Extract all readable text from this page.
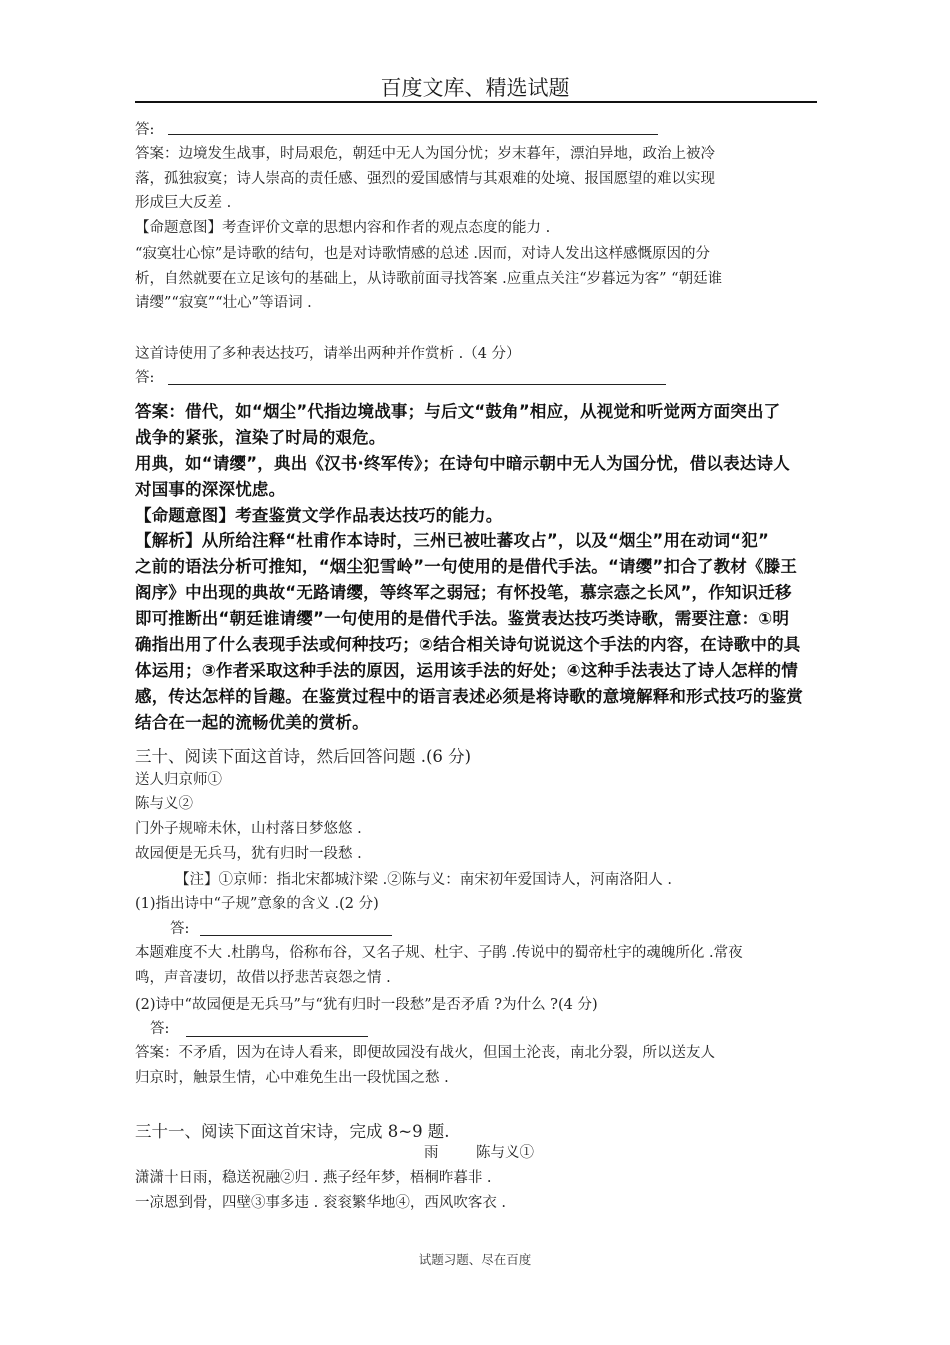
百度文库、精选试题
答:
答案：边境发生战事，时局艰危，朝廷中无人为国分忧；岁末暮年，漂泊异地，政治上被冷
落，孤独寂寞；诗人崇高的责任感、强烈的爱国感情与其艰难的处境、报国愿望的难以实现
形成巨大反差 .
【命题意图】考查评价文章的思想内容和作者的观点态度的能力 .
“寂寞壮心惊”是诗歌的结句，也是对诗歌情感的总述 .因而，对诗人发出这样感慨原因的分
析，自然就要在立足该句的基础上，从诗歌前面寻找答案 .应重点关注“岁暮远为客” “朝廷谁
请缨”“寂寞”“壮心”等语词 .
这首诗使用了多种表达技巧，请举出两种并作赏析 .（4 分）
答:
答案：借代，如“烟尘”代指边境战事；与后文“鼓角”相应，从视觉和听觉两方面突出了
战争的紧张，渲染了时局的艰危。
用典，如“请缨”，典出《汉书·终军传》；在诗句中暗示朝中无人为国分忧，借以表达诗人
对国事的深深忧虑。
【命题意图】考查鉴赏文学作品表达技巧的能力。
【解析】从所给注释“杜甫作本诗时，三州已被吐蕃攻占”，以及“烟尘”用在动词“犯”
之前的语法分析可推知，“烟尘犯雪岭”一句使用的是借代手法。“请缨”扣合了教材《滕王
阁序》中出现的典故“无路请缨，等终军之弱冠；有怀投笔，慕宗悫之长风”，作知识迁移
即可推断出“朝廷谁请缨”一句使用的是借代手法。鉴赏表达技巧类诗歌，需要注意：①明
确指出用了什么表现手法或何种技巧；②结合相关诗句说说这个手法的内容，在诗歌中的具
体运用；③作者采取这种手法的原因，运用该手法的好处；④这种手法表达了诗人怎样的情
感，传达怎样的旨趣。在鉴赏过程中的语言表述必须是将诗歌的意境解释和形式技巧的鉴赏
结合在一起的流畅优美的赏析。
三十、阅读下面这首诗，然后回答问题 .(6 分)
送人归京师①
陈与义②
门外子规啼未休，山村落日梦悠悠 .
故园便是无兵马，犹有归时一段愁 .
【注】①京师：指北宋都城汴梁 .②陈与义：南宋初年爱国诗人，河南洛阳人 .
(1)指出诗中“子规”意象的含义 .(2 分)
答:
本题难度不大 .杜鹃鸟，俗称布谷，又名子规、杜宇、子鹃 .传说中的蜀帝杜宇的魂魄所化 .常夜
鸣，声音凄切，故借以抒悲苦哀怨之情 .
(2)诗中“故园便是无兵马”与“犹有归时一段愁”是否矛盾 ?为什么 ?(4 分)
答:
答案：不矛盾，因为在诗人看来，即便故园没有战火，但国土沦丧，南北分裂，所以送友人
归京时，触景生情，心中难免生出一段忧国之愁 .
三十一、阅读下面这首宋诗，完成 8~9 题.
雨	陈与义①
潇潇十日雨，稳送祝融②归 . 燕子经年梦，梧桐昨暮非 .
一凉恩到骨，四壁③事多违 . 衮衮繁华地④，西风吹客衣 .
试题习题、尽在百度
